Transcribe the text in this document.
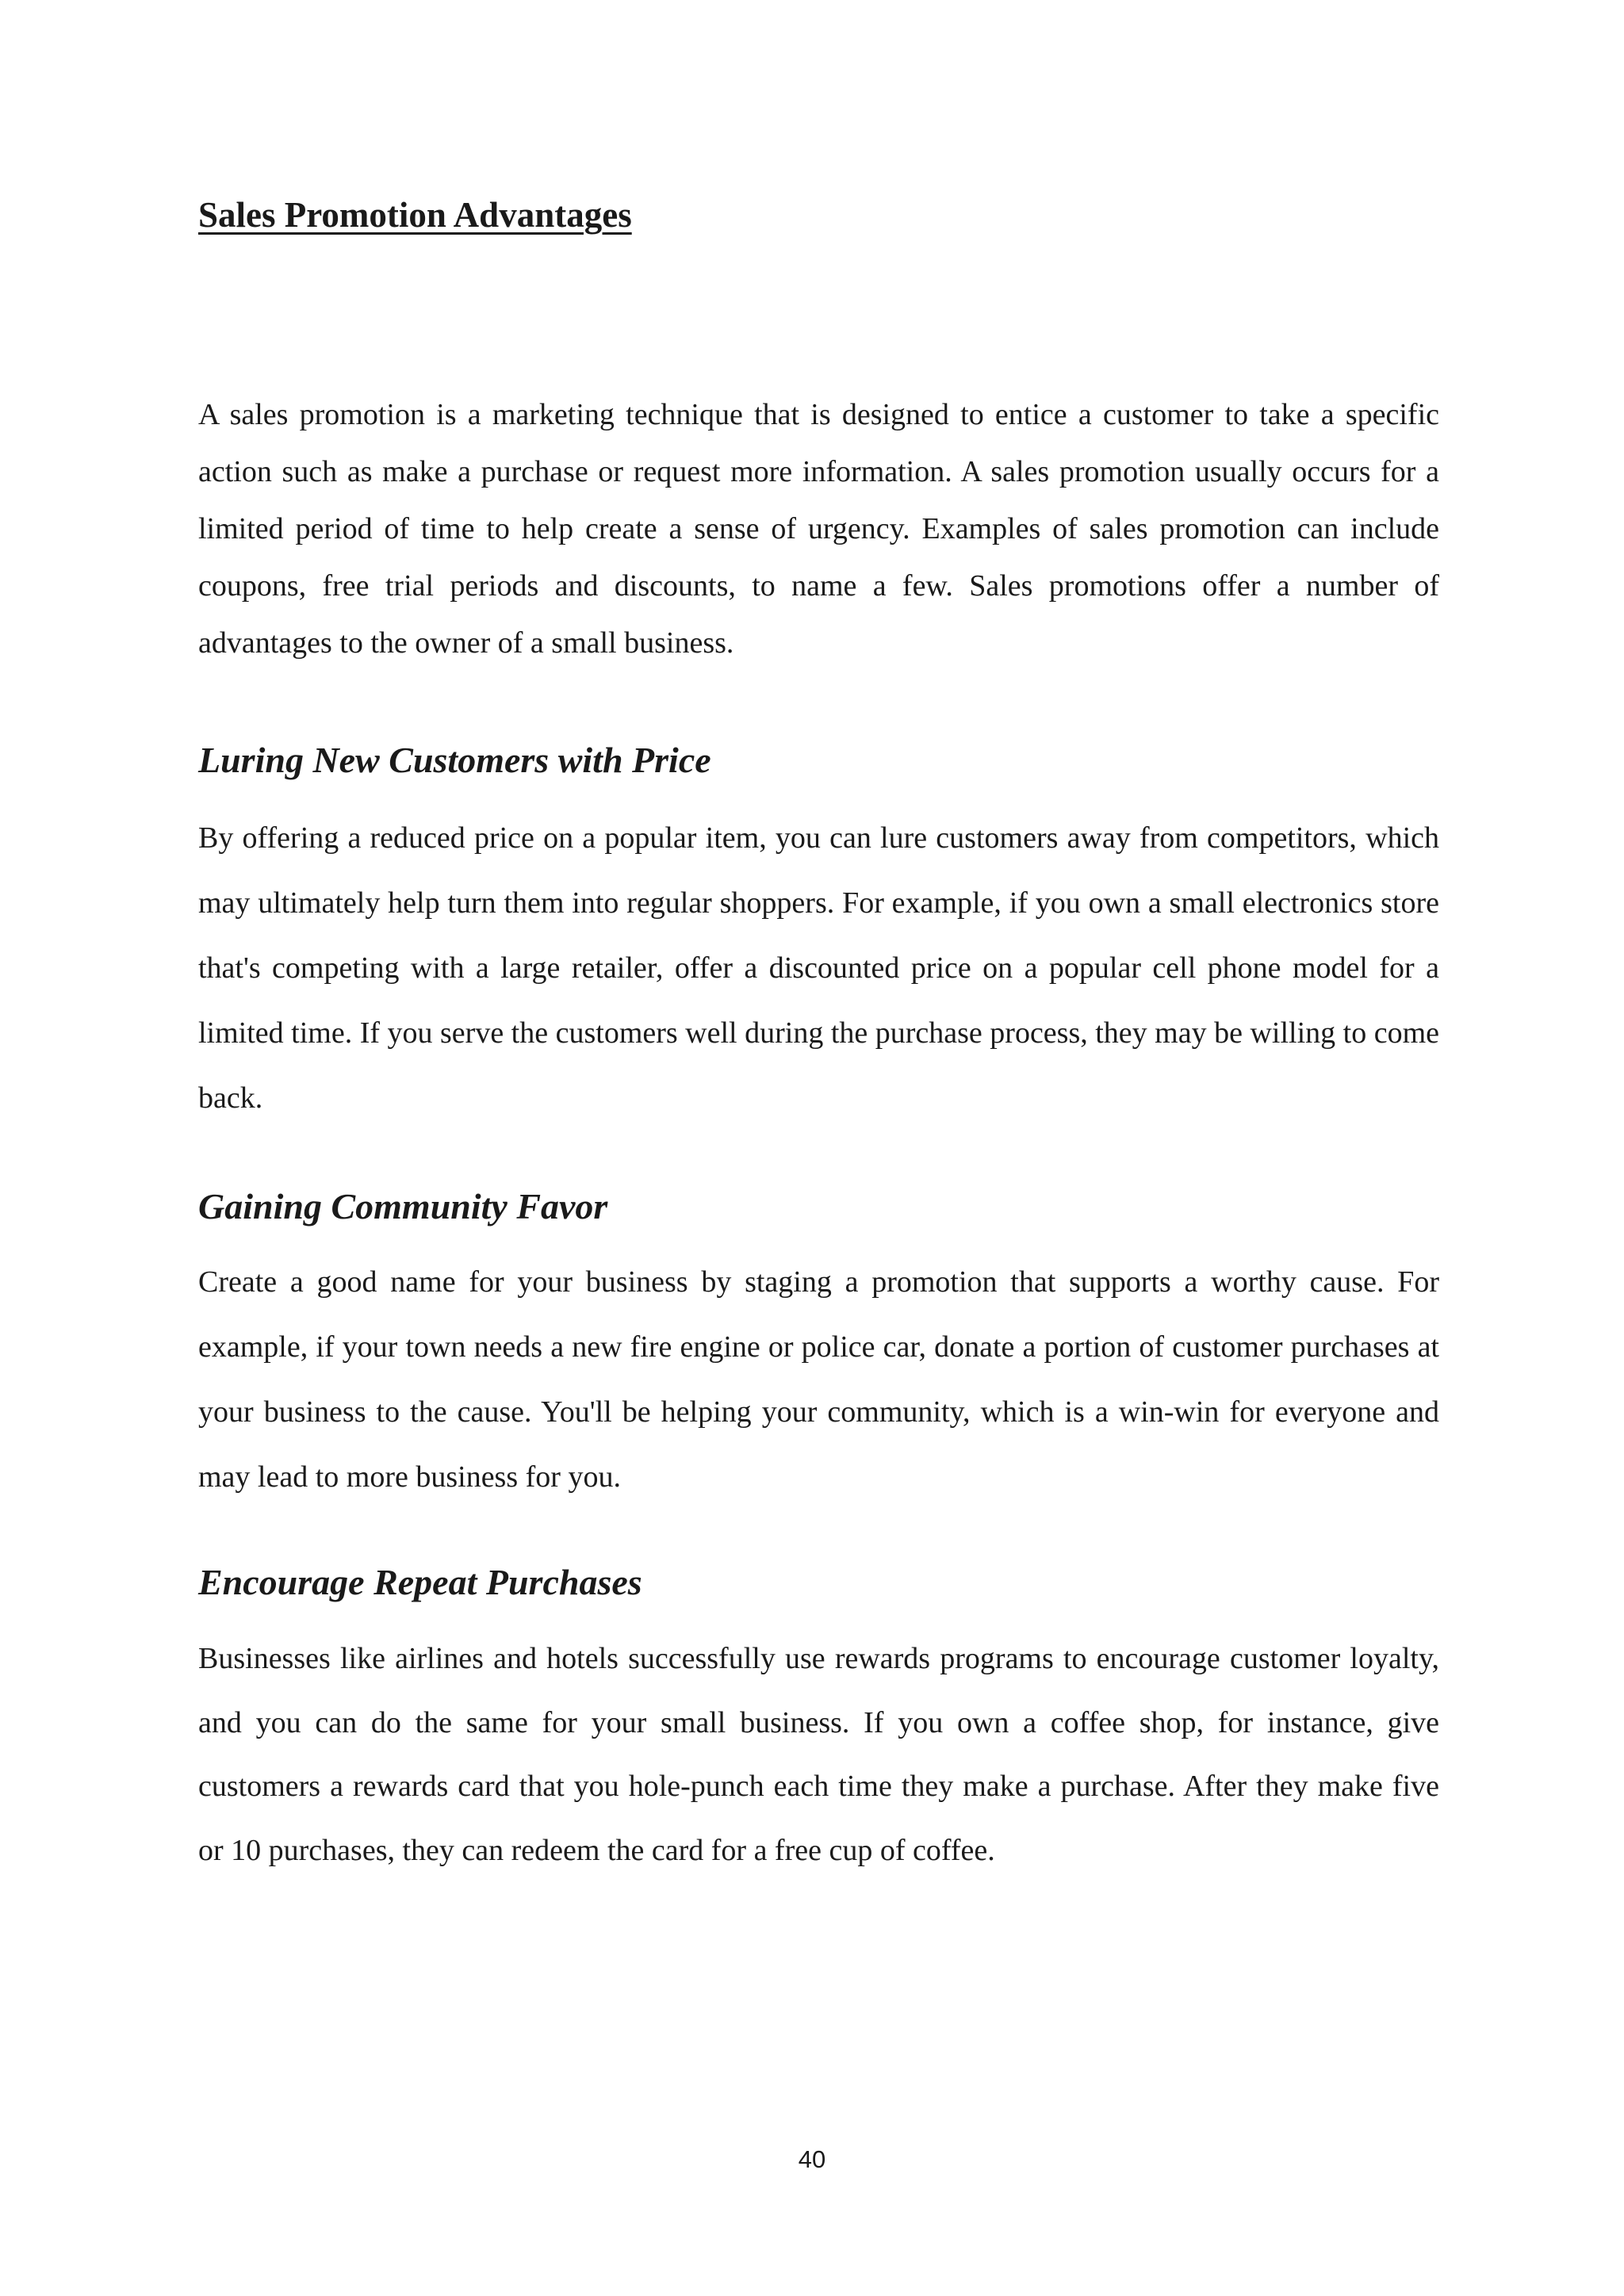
Sales Promotion Advantages

A sales promotion is a marketing technique that is designed to entice a customer to take a specific action such as make a purchase or request more information. A sales promotion usually occurs for a limited period of time to help create a sense of urgency. Examples of sales promotion can include coupons, free trial periods and discounts, to name a few. Sales promotions offer a number of advantages to the owner of a small business.

Luring New Customers with Price

By offering a reduced price on a popular item, you can lure customers away from competitors, which may ultimately help turn them into regular shoppers. For example, if you own a small electronics store that's competing with a large retailer, offer a discounted price on a popular cell phone model for a limited time. If you serve the customers well during the purchase process, they may be willing to come back.

Gaining Community Favor

Create a good name for your business by staging a promotion that supports a worthy cause. For example, if your town needs a new fire engine or police car, donate a portion of customer purchases at your business to the cause. You'll be helping your community, which is a win-win for everyone and may lead to more business for you.

Encourage Repeat Purchases

Businesses like airlines and hotels successfully use rewards programs to encourage customer loyalty, and you can do the same for your small business. If you own a coffee shop, for instance, give customers a rewards card that you hole-punch each time they make a purchase. After they make five or 10 purchases, they can redeem the card for a free cup of coffee.

40
